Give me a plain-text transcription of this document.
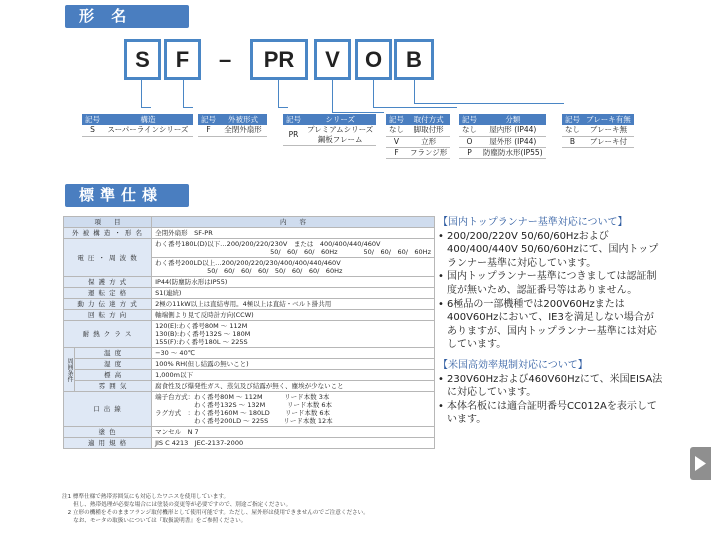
形 名
標準仕様
S	F	–	PR	V	O	B
記号	構造
S	スーパーラインシリーズ
記号	外被形式
F	全閉外扇形
記号	シリーズ
PR	プレミアムシリーズ
鋼板フレーム
記号	取付方式
なし	脚取付形
V	立形
F	フランジ形
記号	分類
なし	屋内形 (IP44)
O	屋外形 (IP44)
P	防塵防水形(IP55)
記号	ブレーキ有無
なし	ブレーキ無
B	ブレーキ付
項　　目		内　　容
外 被 構 造 ・ 形 名		全閉外扇形　SF-PR
電 圧 ・ 周 波 数		わく番号180L(D)以下…200/200/220/230V　または　400/400/440/460V
50/　60/　60/　60Hz　　　　50/　60/　60/　60Hz

		わく番号200LD以上…200/200/220/230/400/400/440/460V
50/　60/　60/　60/　50/　60/　60/　60Hz

保 護 方 式		IP44(防塵防水形はIP55)
運 転 定 格		S1(連続)
動 力 伝 達 方 式		2極の11kW以上は直結専用。4極以上は直結・ベルト掛共用
回 転 方 向		軸端側より見て反時計方向(CCW)
耐 熱 ク ラ ス		120(E):わく番号80M ～ 112M
130(B):わく番号132S ～ 180M
155(F):わく番号180L ～ 225S

周囲条件	温 度	−30 ～ 40℃
	湿 度	100% RH(但し結露の無いこと)
	標 高	1,000m以下
	雰 囲 気	腐食性及び爆発性ガス、蒸気及び結露が無く、塵埃が少ないこと
口 出 線		端子台方式：わく番号80M ～ 112M　　　 リード本数 3本
　　　　　　わく番号132S ～ 132M　　　 リード本数 6本
ラグ方式　：わく番号160M ～ 180LD　　 リード本数 6本
　　　　　　わく番号200LD ～ 225S　　 リード本数 12本

塗 色		マンセル　N 7
適 用 規 格		JIS C 4213　JEC-2137-2000
注1 標準仕様で熱帯雰囲気にも対応したワニスを使用しています。
　　但し、熱帯処理が必要な場合には塗装の変更等が必要ですので、別途ご指定ください。
　2 立形の機種をそのままフランジ取付機形として使用可能です。ただし、屋外形は使用できませんのでご注意ください。
　　なお、モータの取扱いについては『取扱説明書』をご参照ください。
【国内トップランナー基準対応について】
• 200/200/220V 50/60/60Hzおよび400/400/440V 50/60/60Hzにて、国内トップランナー基準に対応しています。
• 国内トップランナー基準につきましては認証制度が無いため、認証番号等はありません。
• 6極品の一部機種では200V60Hzまたは400V60Hzにおいて、IE3を満足しない場合がありますが、国内トップランナー基準には対応しています。
【米国高効率規制対応について】
• 230V60Hzおよび460V60Hzにて、米国EISA法に対応しています。
• 本体名板には適合証明番号CC012Aを表示しています。
